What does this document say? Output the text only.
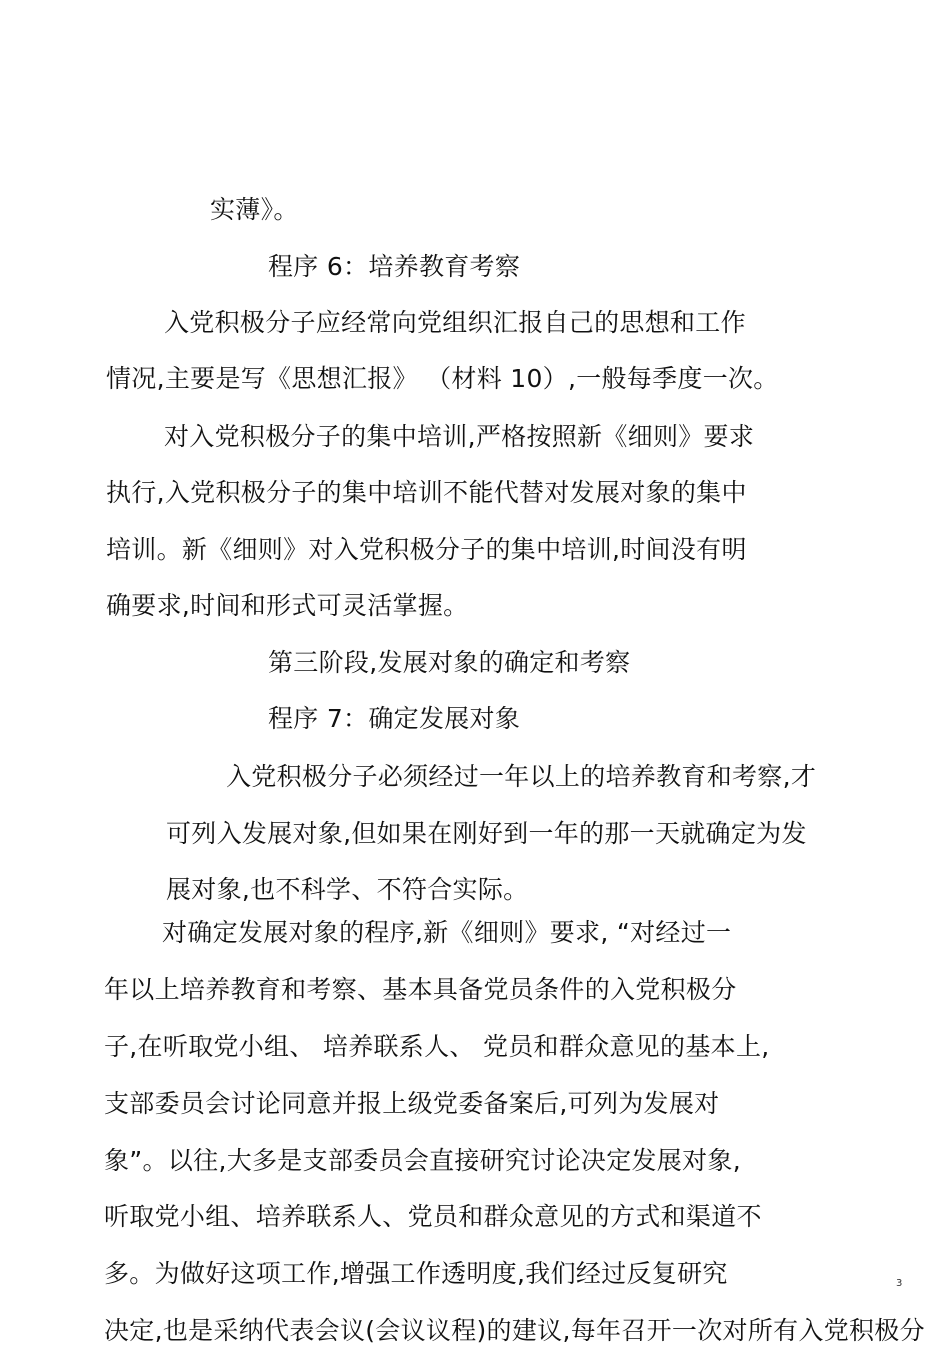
实薄》。

程序 6：培养教育考察

入党积极分子应经常向党组织汇报自己的思想和工作

情况,主要是写《思想汇报》 （材料 10）,一般每季度一次。

对入党积极分子的集中培训,严格按照新《细则》要求

执行,入党积极分子的集中培训不能代替对发展对象的集中

培训。新《细则》对入党积极分子的集中培训,时间没有明

确要求,时间和形式可灵活掌握。

第三阶段,发展对象的确定和考察

程序 7：确定发展对象

入党积极分子必须经过一年以上的培养教育和考察,才

可列入发展对象,但如果在刚好到一年的那一天就确定为发

展对象,也不科学、不符合实际。

对确定发展对象的程序,新《细则》要求, “对经过一

年以上培养教育和考察、基本具备党员条件的入党积极分

子,在听取党小组、 培养联系人、 党员和群众意见的基本上,

支部委员会讨论同意并报上级党委备案后,可列为发展对

象”。以往,大多是支部委员会直接研究讨论决定发展对象,

听取党小组、培养联系人、党员和群众意见的方式和渠道不

多。为做好这项工作,增强工作透明度,我们经过反复研究

决定,也是采纳代表会议(会议议程)的建议,每年召开一次对所有入党积极分

3
